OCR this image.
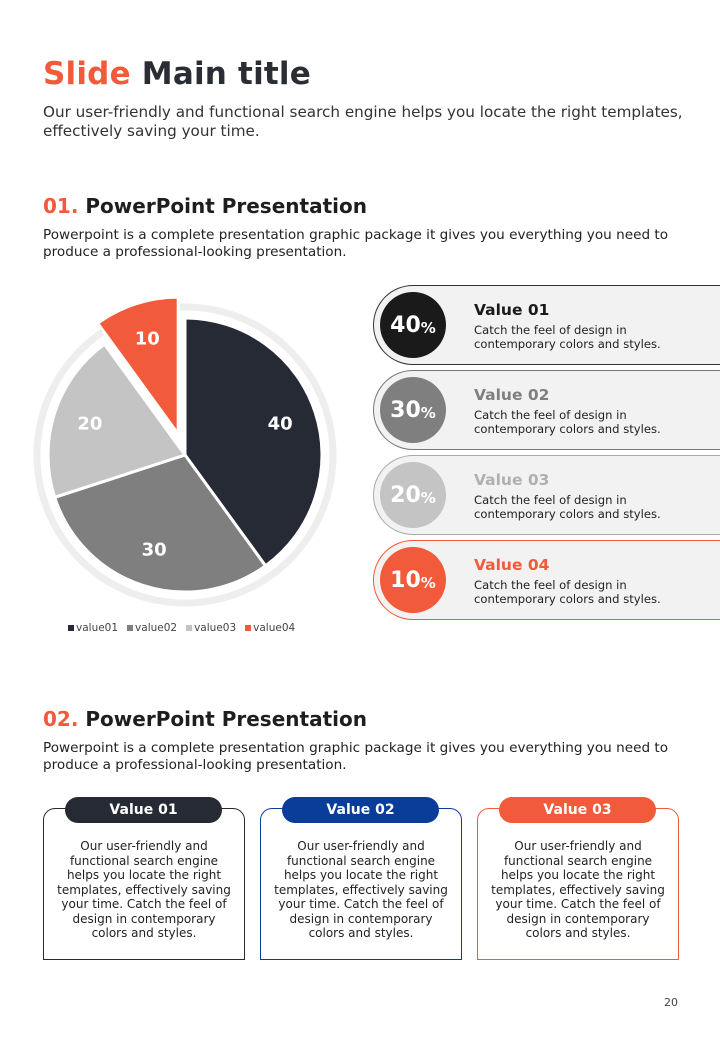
Slide Main title
Our user-friendly and functional search engine helps you locate the right templates, effectively saving your time.
01. PowerPoint Presentation
Powerpoint is a complete presentation graphic package it gives you everything you need to produce a professional-looking presentation.
40
30
20
10
value01 value02 value03 value04
40 %
Value 01
Catch the feel of design in contemporary colors and styles.
30 %
Value 02
Catch the feel of design in contemporary colors and styles.
20 %
Value 03
Catch the feel of design in contemporary colors and styles.
10 %
Value 04
Catch the feel of design in contemporary colors and styles.
02. PowerPoint Presentation
Powerpoint is a complete presentation graphic package it gives you everything you need to produce a professional-looking presentation.
Value 01
Our user-friendly and functional search engine helps you locate the right templates, effectively saving your time. Catch the feel of design in contemporary colors and styles.
Value 02
Our user-friendly and functional search engine helps you locate the right templates, effectively saving your time. Catch the feel of design in contemporary colors and styles.
Value 03
Our user-friendly and functional search engine helps you locate the right templates, effectively saving your time. Catch the feel of design in contemporary colors and styles.
20
